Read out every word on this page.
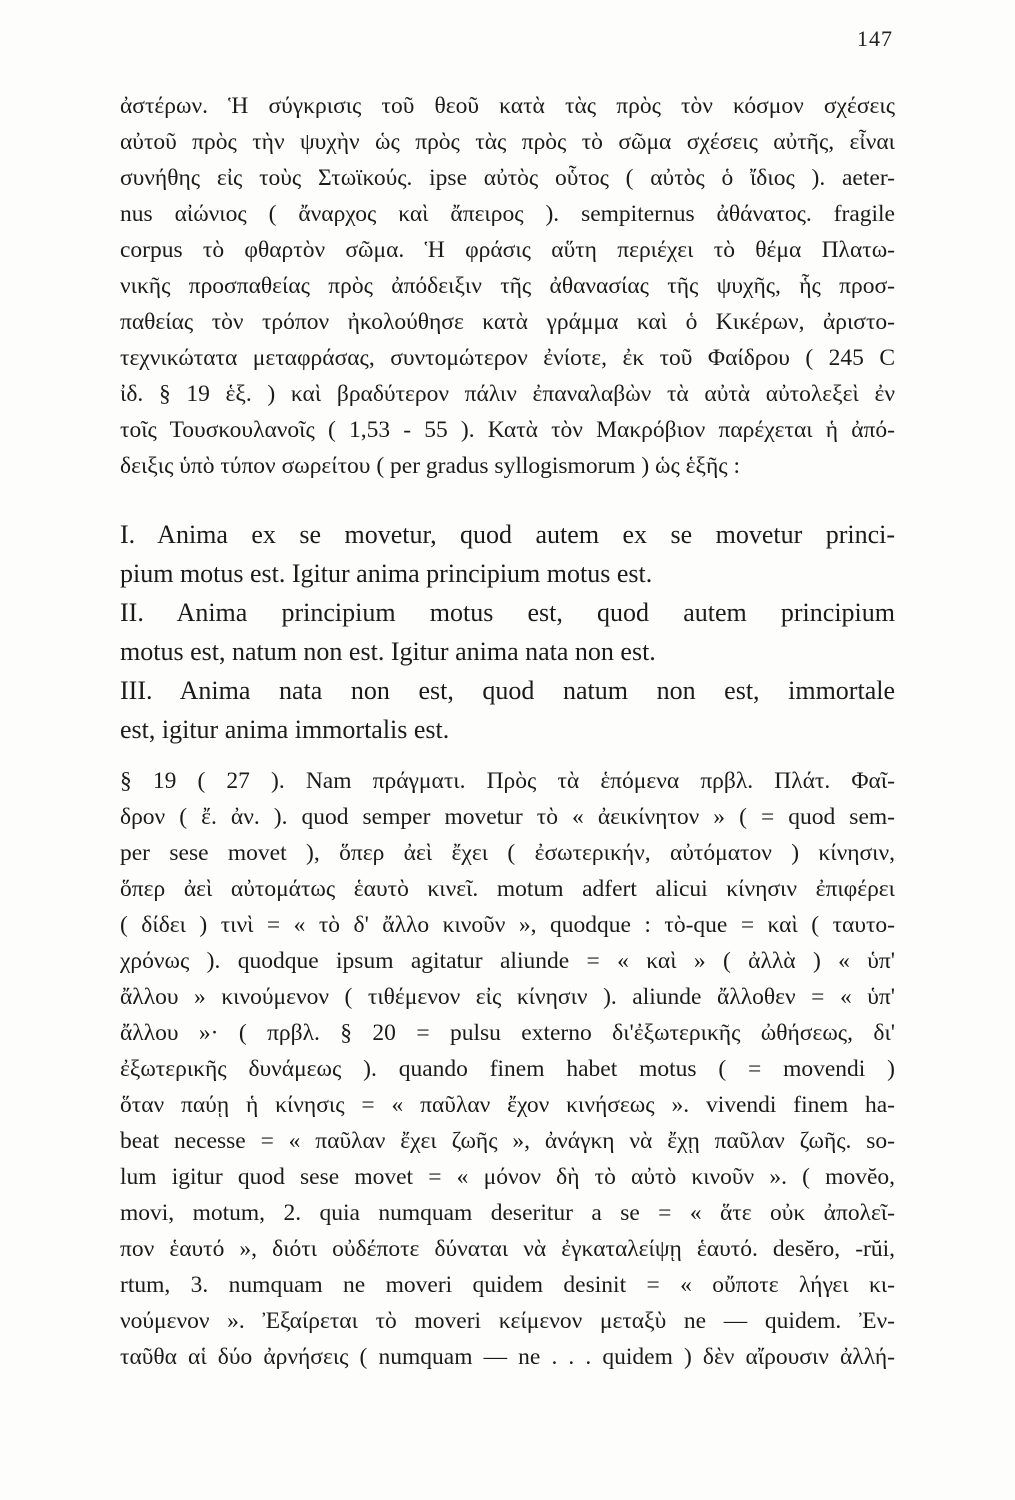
147
ἀστέρων. Ἡ σύγκρισις τοῦ θεοῦ κατὰ τὰς πρὸς τὸν κόσμον σχέσεις
αὐτοῦ πρὸς τὴν ψυχὴν ὡς πρὸς τὰς πρὸς τὸ σῶμα σχέσεις αὐτῆς, εἶναι
συνήθης εἰς τοὺς Στωϊκούς. ipse αὐτὸς οὗτος ( αὐτὸς ὁ ἴδιος ). aeter-
nus αἰώνιος ( ἄναρχος καὶ ἄπειρος ). sempiternus ἀθάνατος. fragile
corpus τὸ φθαρτὸν σῶμα. Ἡ φράσις αὕτη περιέχει τὸ θέμα Πλατω-
νικῆς προσπαθείας πρὸς ἀπόδειξιν τῆς ἀθανασίας τῆς ψυχῆς, ἧς προσ-
παθείας τὸν τρόπον ἠκολούθησε κατὰ γράμμα καὶ ὁ Κικέρων, ἀριστο-
τεχνικώτατα μεταφράσας, συντομώτερον ἐνίοτε, ἐκ τοῦ Φαίδρου ( 245 C
ἰδ. § 19 ἑξ. ) καὶ βραδύτερον πάλιν ἐπαναλαβὼν τὰ αὐτὰ αὐτολεξεὶ ἐν
τοῖς Τουσκουλανοῖς ( 1,53 - 55 ). Κατὰ τὸν Μακρόβιον παρέχεται ἡ ἀπό-
δειξις ὑπὸ τύπον σωρείτου ( per gradus syllogismorum ) ὡς ἑξῆς :
I. Anima ex se movetur, quod autem ex se movetur princi-
pium motus est. Igitur anima principium motus est.
II. Anima principium motus est, quod autem principium
motus est, natum non est. Igitur anima nata non est.
III. Anima nata non est, quod natum non est, immortale
est, igitur anima immortalis est.
§ 19 ( 27 ). Nam πράγματι. Πρὸς τὰ ἑπόμενα πρβλ. Πλάτ. Φαῖ-
δρον ( ἔ. ἀν. ). quod semper movetur τὸ « ἀεικίνητον » ( = quod sem-
per sese movet ), ὅπερ ἀεὶ ἔχει ( ἐσωτερικήν, αὐτόματον ) κίνησιν,
ὅπερ ἀεὶ αὐτομάτως ἑαυτὸ κινεῖ. motum adfert alicui κίνησιν ἐπιφέρει
( δίδει ) τινὶ = « τὸ δ' ἄλλο κινοῦν », quodque : τὸ-que = καὶ ( ταυτο-
χρόνως ). quodque ipsum agitatur aliunde = « καὶ » ( ἀλλὰ ) « ὑπ'
ἄλλου » κινούμενον ( τιθέμενον εἰς κίνησιν ). aliunde ἄλλοθεν = « ὑπ'
ἄλλου »· ( πρβλ. § 20 = pulsu externo δι'ἐξωτερικῆς ὠθήσεως, δι'
ἐξωτερικῆς δυνάμεως ). quando finem habet motus ( = movendi )
ὅταν παύῃ ἡ κίνησις = « παῦλαν ἔχον κινήσεως ». vivendi finem ha-
beat necesse = « παῦλαν ἔχει ζωῆς », ἀνάγκη νὰ ἔχῃ παῦλαν ζωῆς. so-
lum igitur quod sese movet = « μόνον δὴ τὸ αὐτὸ κινοῦν ». ( movĕo,
movi, motum, 2. quia numquam deseritur a se = « ἅτε οὐκ ἀπολεῖ-
πον ἑαυτό », διότι οὐδέποτε δύναται νὰ ἐγκαταλείψῃ ἑαυτό. desĕro, -rŭi,
rtum, 3. numquam ne moveri quidem desinit = « οὔποτε λήγει κι-
νούμενον ». Ἐξαίρεται τὸ moveri κείμενον μεταξὺ ne — quidem. Ἐν-
ταῦθα αἱ δύο ἀρνήσεις ( numquam — ne . . . quidem ) δὲν αἴρουσιν ἀλλή-
